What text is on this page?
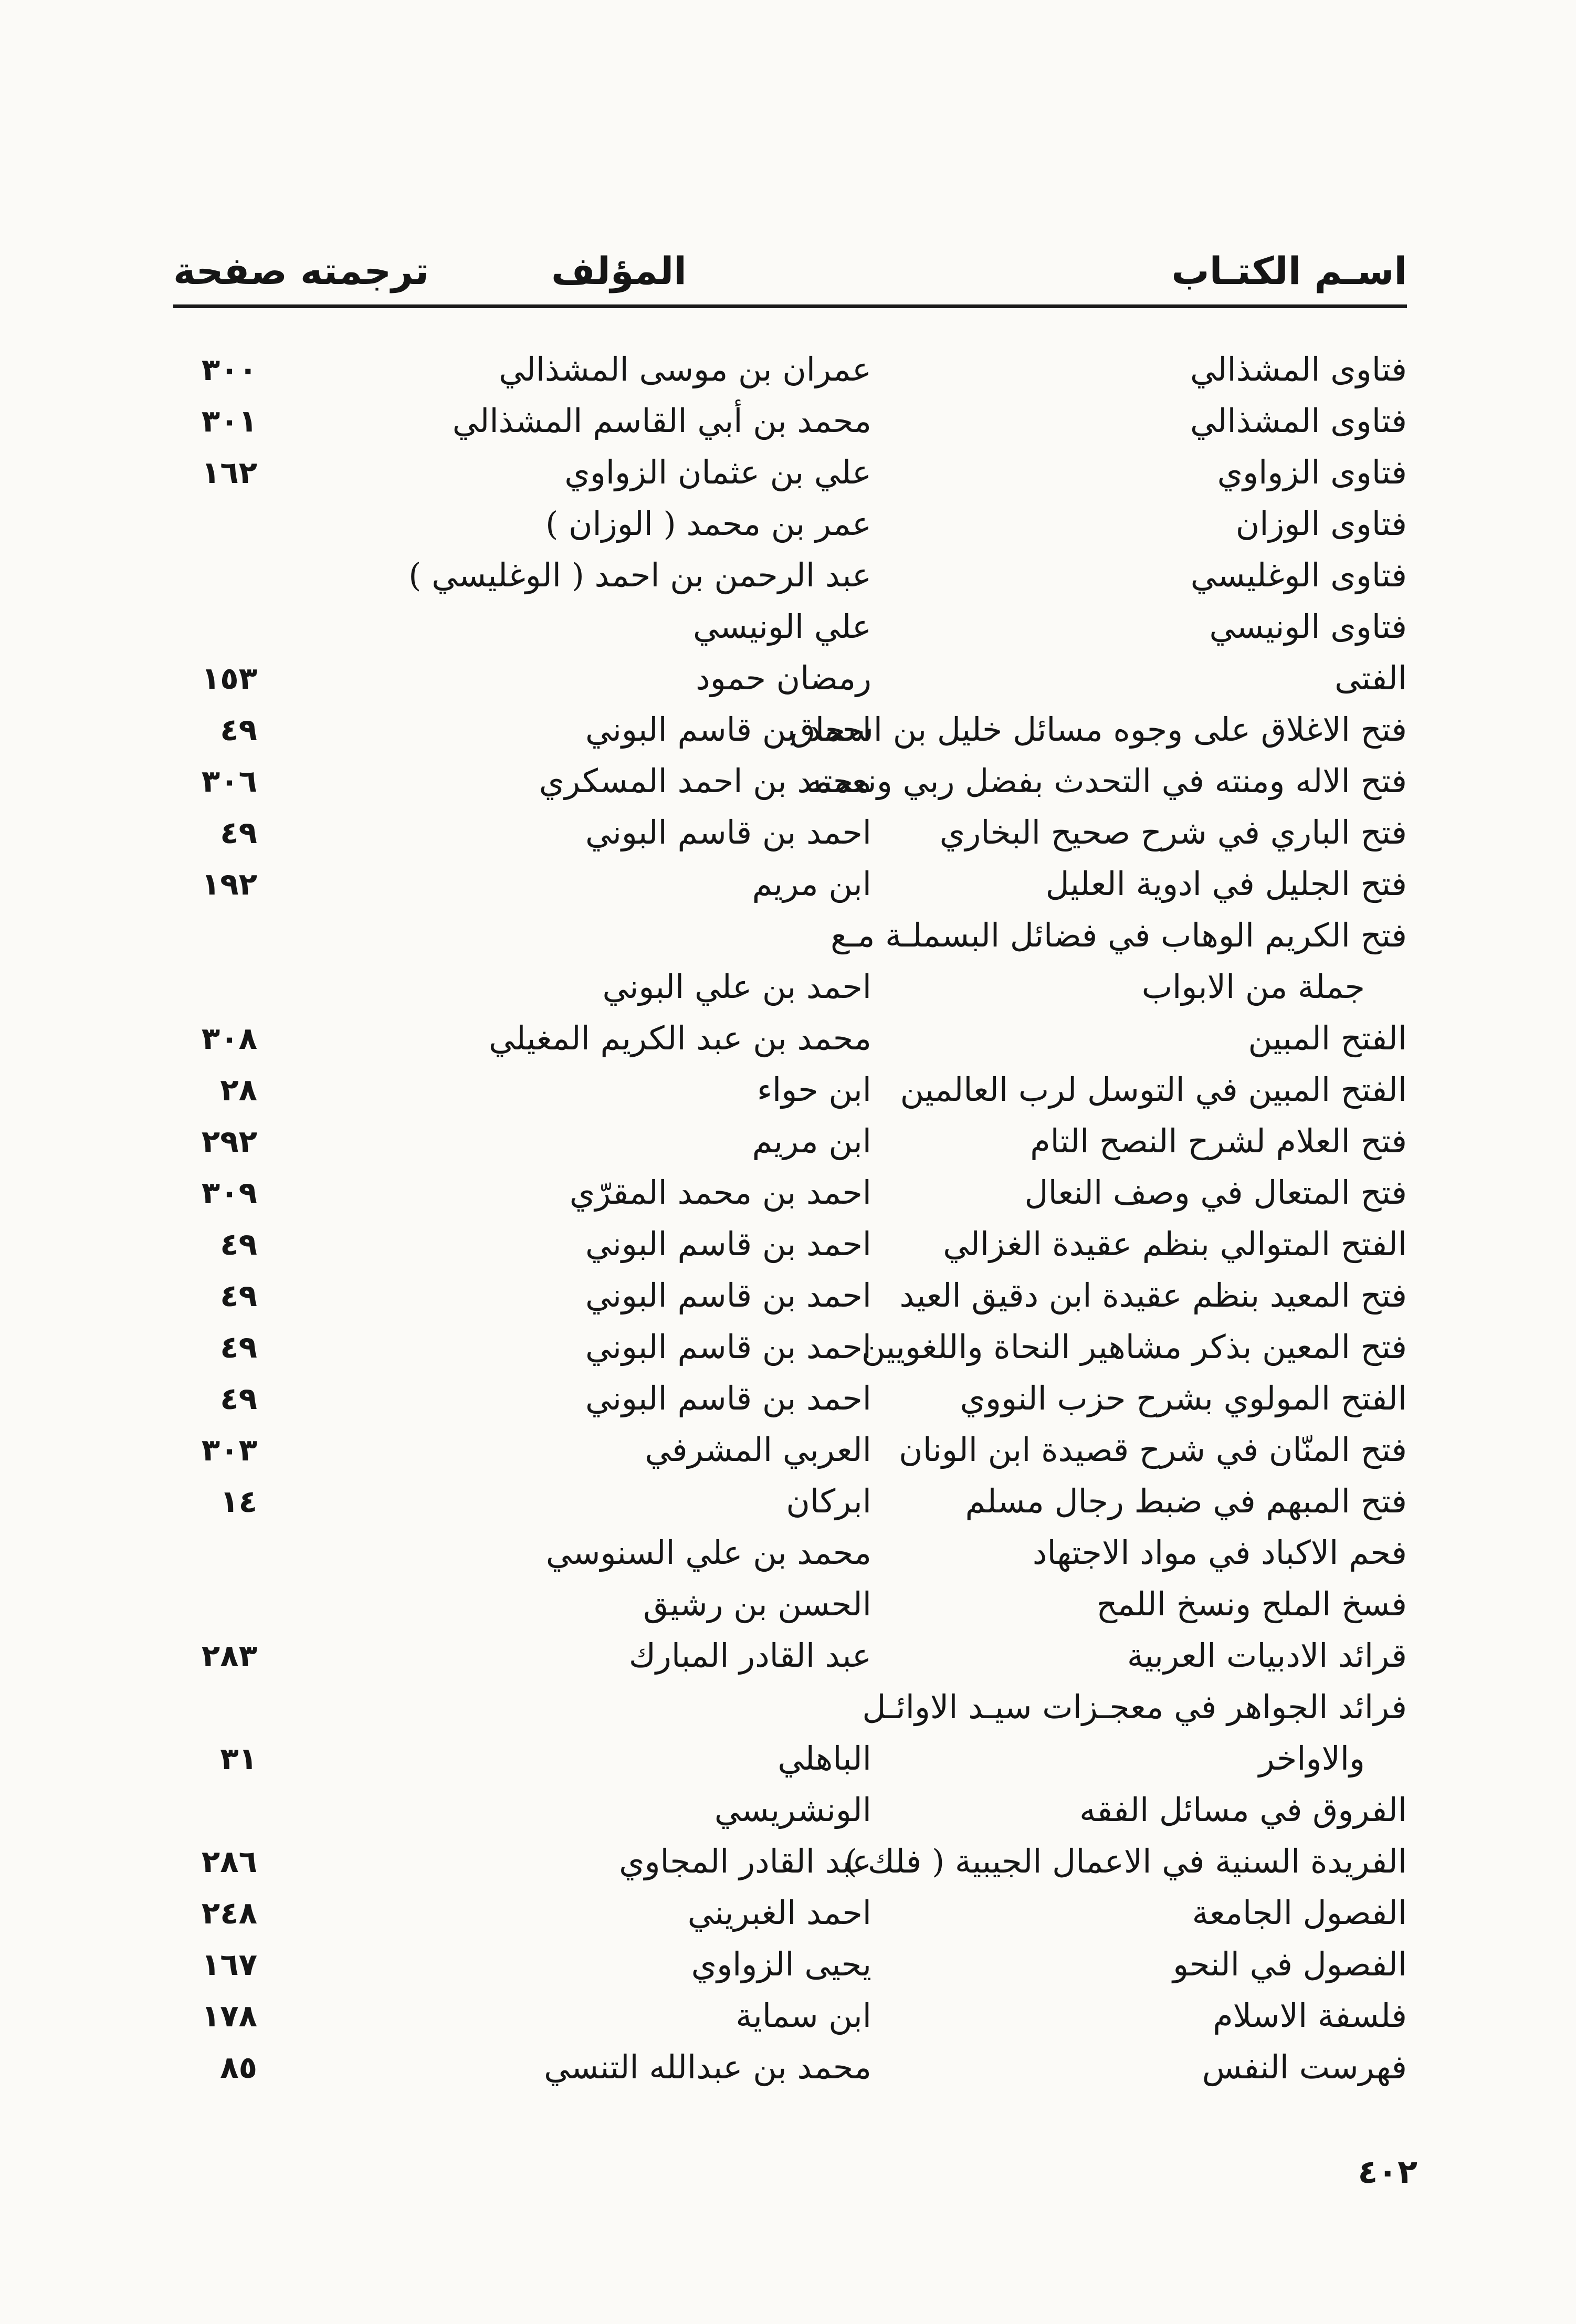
اسـم الكتـاب
المؤلف
ترجمته صفحة
فتاوى المشذالي
عمران بن موسى المشذالي
٣٠٠
فتاوى المشذالي
محمد بن أبي القاسم المشذالي
٣٠١
فتاوى الزواوي
علي بن عثمان الزواوي
١٦٢
فتاوى الوزان
عمر بن محمد ( الوزان )
فتاوى الوغليسي
عبد الرحمن بن احمد ( الوغليسي )
فتاوى الونيسي
علي الونيسي
الفتى
رمضان حمود
١٥٣
فتح الاغلاق على وجوه مسائل خليل بن اسحاق
احمد بن قاسم البوني
٤٩
فتح الاله ومنته في التحدث بفضل ربي ونعمته
محمد بن احمد المسكري
٣٠٦
فتح الباري في شرح صحيح البخاري
احمد بن قاسم البوني
٤٩
فتح الجليل في ادوية العليل
ابن مريم
١٩٢
فتح الكريم الوهاب في فضائل البسملـة مـع
جملة من الابواب
احمد بن علي البوني
الفتح المبين
محمد بن عبد الكريم المغيلي
٣٠٨
الفتح المبين في التوسل لرب العالمين
ابن حواء
٢٨
فتح العلام لشرح النصح التام
ابن مريم
٢٩٢
فتح المتعال في وصف النعال
احمد بن محمد المقرّي
٣٠٩
الفتح المتوالي بنظم عقيدة الغزالي
احمد بن قاسم البوني
٤٩
فتح المعيد بنظم عقيدة ابن دقيق العيد
احمد بن قاسم البوني
٤٩
فتح المعين بذكر مشاهير النحاة واللغويين
احمد بن قاسم البوني
٤٩
الفتح المولوي بشرح حزب النووي
احمد بن قاسم البوني
٤٩
فتح المنّان في شرح قصيدة ابن الونان
العربي المشرفي
٣٠٣
فتح المبهم في ضبط رجال مسلم
ابركان
١٤
فحم الاكباد في مواد الاجتهاد
محمد بن علي السنوسي
فسخ الملح ونسخ اللمح
الحسن بن رشيق
قرائد الادبيات العربية
عبد القادر المبارك
٢٨٣
فرائد الجواهر في معجـزات سيـد الاوائـل
والاواخر
الباهلي
٣١
الفروق في مسائل الفقه
الونشريسي
الفريدة السنية في الاعمال الجيبية ( فلك )
عبد القادر المجاوي
٢٨٦
الفصول الجامعة
احمد الغبريني
٢٤٨
الفصول في النحو
يحيى الزواوي
١٦٧
فلسفة الاسلام
ابن سماية
١٧٨
فهرست النفس
محمد بن عبدالله التنسي
٨٥
٤٠٢
